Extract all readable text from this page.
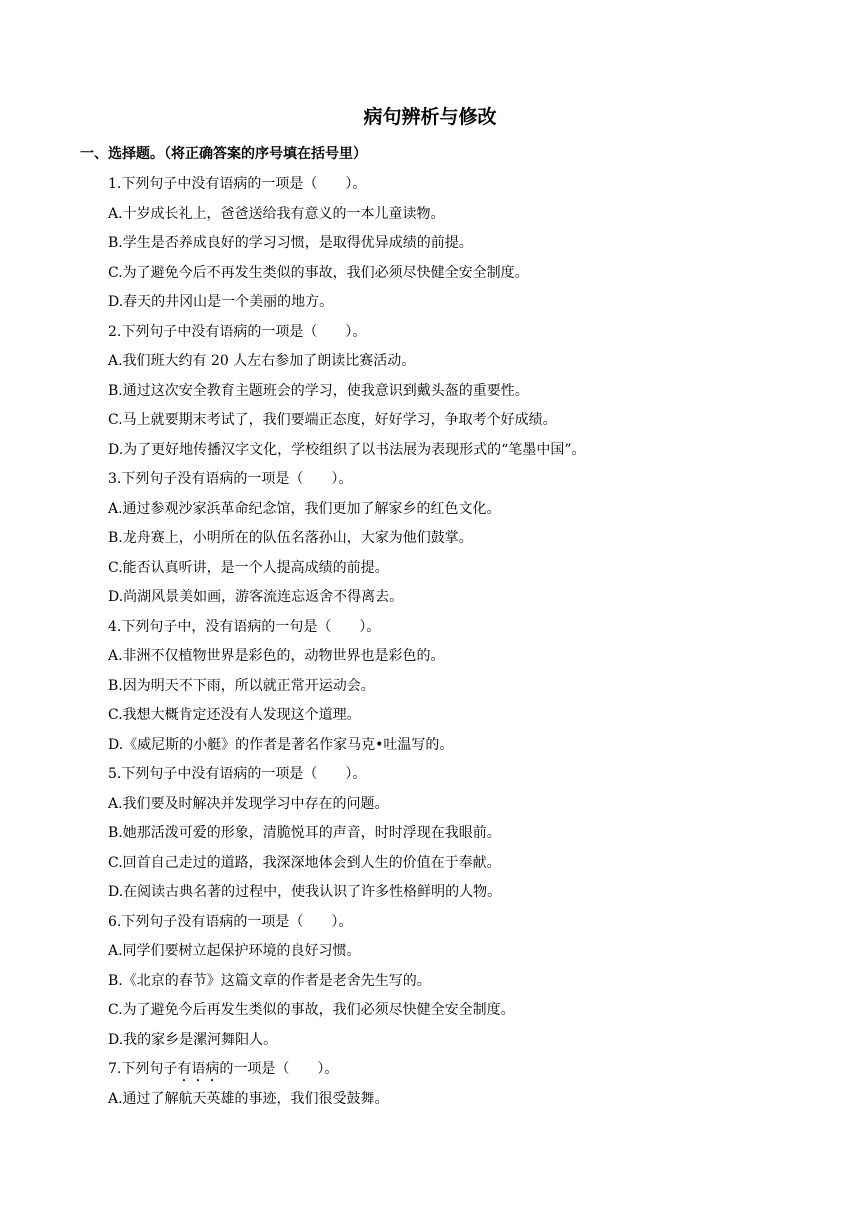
病句辨析与修改
一、选择题。（将正确答案的序号填在括号里）
1.下列句子中没有语病的一项是（　　）。
A.十岁成长礼上，爸爸送给我有意义的一本儿童读物。
B.学生是否养成良好的学习习惯，是取得优异成绩的前提。
C.为了避免今后不再发生类似的事故，我们必须尽快健全安全制度。
D.春天的井冈山是一个美丽的地方。
2.下列句子中没有语病的一项是（　　）。
A.我们班大约有 20 人左右参加了朗读比赛活动。
B.通过这次安全教育主题班会的学习，使我意识到戴头盔的重要性。
C.马上就要期末考试了，我们要端正态度，好好学习，争取考个好成绩。
D.为了更好地传播汉字文化，学校组织了以书法展为表现形式的“笔墨中国”。
3.下列句子没有语病的一项是（　　）。
A.通过参观沙家浜革命纪念馆，我们更加了解家乡的红色文化。
B.龙舟赛上，小明所在的队伍名落孙山，大家为他们鼓掌。
C.能否认真听讲，是一个人提高成绩的前提。
D.尚湖风景美如画，游客流连忘返舍不得离去。
4.下列句子中，没有语病的一句是（　　）。
A.非洲不仅植物世界是彩色的，动物世界也是彩色的。
B.因为明天不下雨，所以就正常开运动会。
C.我想大概肯定还没有人发现这个道理。
D.《威尼斯的小艇》的作者是著名作家马克•吐温写的。
5.下列句子中没有语病的一项是（　　）。
A.我们要及时解决并发现学习中存在的问题。
B.她那活泼可爱的形象，清脆悦耳的声音，时时浮现在我眼前。
C.回首自己走过的道路，我深深地体会到人生的价值在于奉献。
D.在阅读古典名著的过程中，使我认识了许多性格鲜明的人物。
6.下列句子没有语病的一项是（　　）。
A.同学们要树立起保护环境的良好习惯。
B.《北京的春节》这篇文章的作者是老舍先生写的。
C.为了避免今后再发生类似的事故，我们必须尽快健全安全制度。
D.我的家乡是漯河舞阳人。
7.下列句子有语病的一项是（　　）。
A.通过了解航天英雄的事迹，我们很受鼓舞。
